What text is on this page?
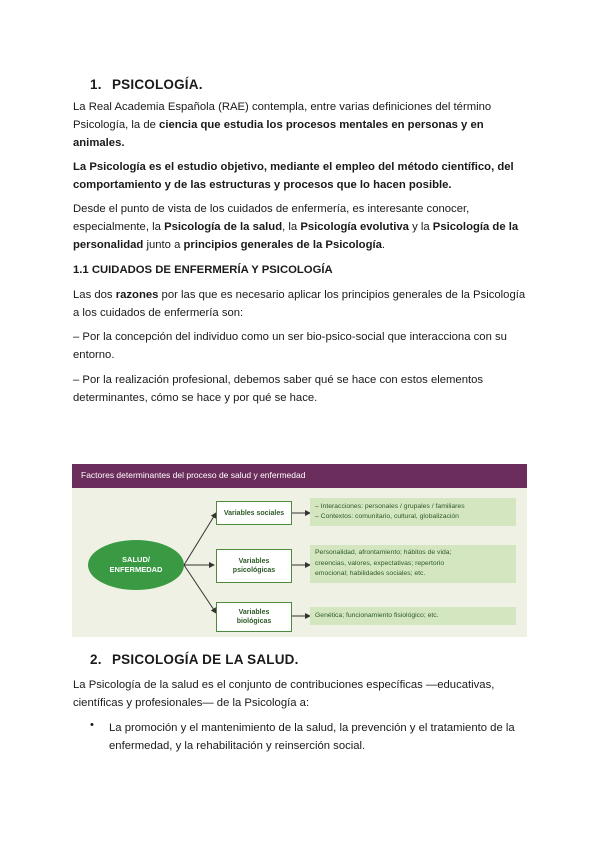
1. PSICOLOGÍA.
La Real Academia Española (RAE) contempla, entre varias definiciones del término Psicología, la de ciencia que estudia los procesos mentales en personas y en animales.
La Psicología es el estudio objetivo, mediante el empleo del método científico, del comportamiento y de las estructuras y procesos que lo hacen posible.
Desde el punto de vista de los cuidados de enfermería, es interesante conocer, especialmente, la Psicología de la salud, la Psicología evolutiva y la Psicología de la personalidad junto a principios generales de la Psicología.
1.1 CUIDADOS DE ENFERMERÍA Y PSICOLOGÍA
Las dos razones por las que es necesario aplicar los principios generales de la Psicología a los cuidados de enfermería son:
– Por la concepción del individuo como un ser bio-psico-social que interacciona con su entorno.
– Por la realización profesional, debemos saber qué se hace con estos elementos determinantes, cómo se hace y por qué se hace.
Factores determinantes del proceso de salud y enfermedad
SALUD/
ENFERMEDAD
Variables sociales
Variables
psicológicas
Variables
biológicas
– Interacciones: personales / grupales / familiares
– Contextos: comunitario, cultural, globalización
Personalidad, afrontamiento; hábitos de vida;
creencias, valores, expectativas; repertorio
emocional; habilidades sociales; etc.
Genética; funcionamiento fisiológico; etc.
2. PSICOLOGÍA DE LA SALUD.
La Psicología de la salud es el conjunto de contribuciones específicas —educativas, científicas y profesionales— de la Psicología a:
• La promoción y el mantenimiento de la salud, la prevención y el tratamiento de la enfermedad, y la rehabilitación y reinserción social.
